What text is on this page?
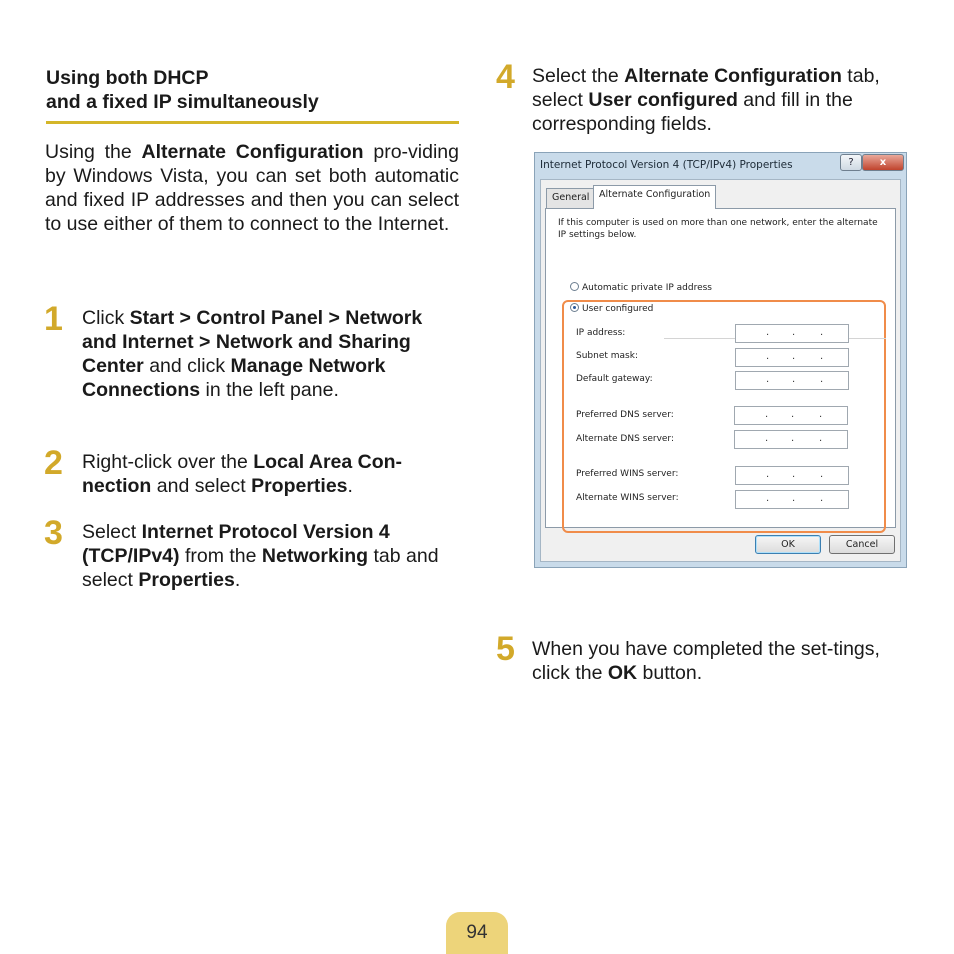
Using both DHCP
and a fixed IP simultaneously
Using the Alternate Configuration pro-viding by Windows Vista, you can set both automatic and fixed IP addresses and then you can select to use either of them to connect to the Internet.
1 Click Start > Control Panel > Network and Internet > Network and Sharing Center and click Manage Network Connections in the left pane.
2 Right-click over the Local Area Con-nection and select Properties.
3 Select Internet Protocol Version 4 (TCP/IPv4) from the Networking tab and select Properties.
4 Select the Alternate Configuration tab, select User configured and fill in the corresponding fields.
Internet Protocol Version 4 (TCP/IPv4) Properties	?	x
General	Alternate Configuration
If this computer is used on more than one network, enter the alternate IP settings below.
Automatic private IP address
User configured
IP address:	. . .
Subnet mask:	. . .
Default gateway:	. . .
Preferred DNS server:	. . .
Alternate DNS server:	. . .
Preferred WINS server:	. . .
Alternate WINS server:	. . .
OK	Cancel
5 When you have completed the set-tings, click the OK button.
94
